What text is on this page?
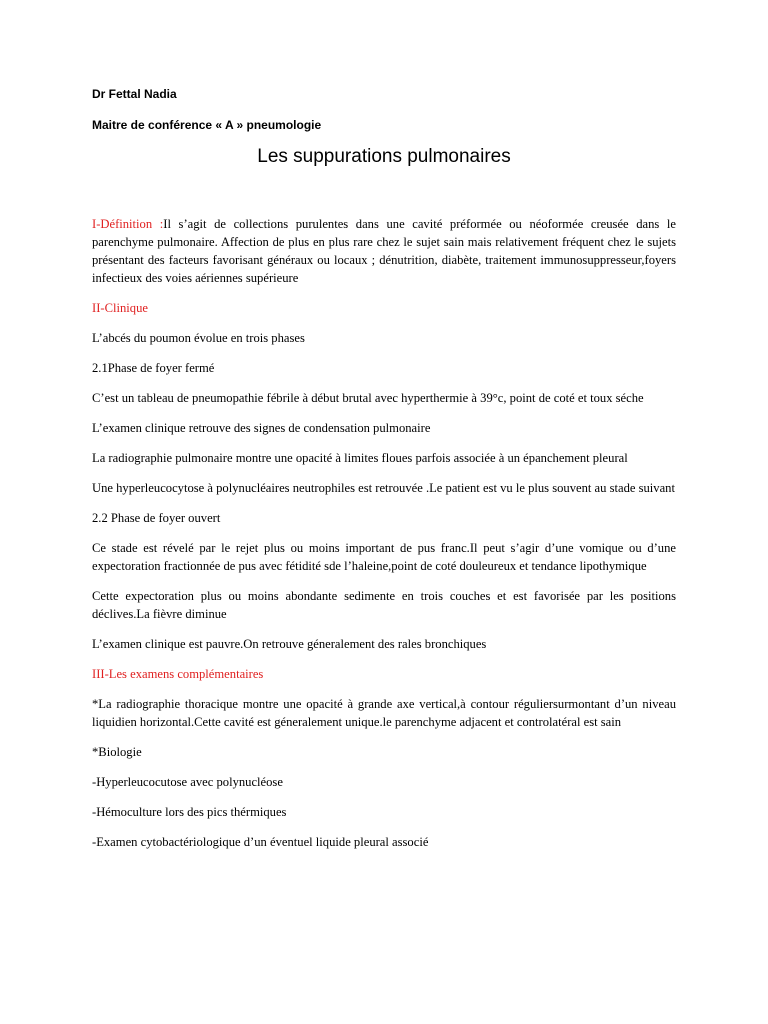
Dr Fettal Nadia
Maitre de conférence « A » pneumologie
Les suppurations pulmonaires

I-Définition :Il s’agit de collections purulentes dans une cavité préformée ou néoformée creusée dans le parenchyme pulmonaire. Affection de plus en plus rare chez le sujet sain mais relativement fréquent chez le sujets présentant des facteurs favorisant généraux ou locaux ; dénutrition, diabète, traitement immunosuppresseur,foyers infectieux des voies aériennes supérieure

II-Clinique

L’abcés du poumon évolue en trois phases

2.1Phase de foyer fermé

C’est un tableau de pneumopathie fébrile à début brutal avec hyperthermie à 39°c, point de coté et toux séche

L’examen clinique retrouve des signes de condensation pulmonaire

La radiographie pulmonaire montre une opacité à limites floues parfois associée à un épanchement pleural

Une hyperleucocytose à polynucléaires neutrophiles est retrouvée .Le patient est vu le plus souvent au stade suivant

2.2 Phase de foyer ouvert

Ce stade est révelé par le rejet plus ou moins important de pus franc.Il peut s’agir d’une vomique ou d’une expectoration fractionnée de pus avec fétidité sde l’haleine,point de coté douleureux et tendance lipothymique

Cette expectoration plus ou moins abondante sedimente en trois couches et est favorisée par les positions déclives.La fièvre diminue

L’examen clinique est pauvre.On retrouve géneralement des rales bronchiques

III-Les examens complémentaires

*La radiographie thoracique montre une opacité à grande axe vertical,à contour réguliersurmontant d’un niveau liquidien horizontal.Cette cavité est géneralement unique.le parenchyme adjacent et controlatéral est sain

*Biologie

-Hyperleucocutose avec polynucléose

-Hémoculture lors des pics thérmiques

-Examen cytobactériologique d’un éventuel liquide pleural associé
